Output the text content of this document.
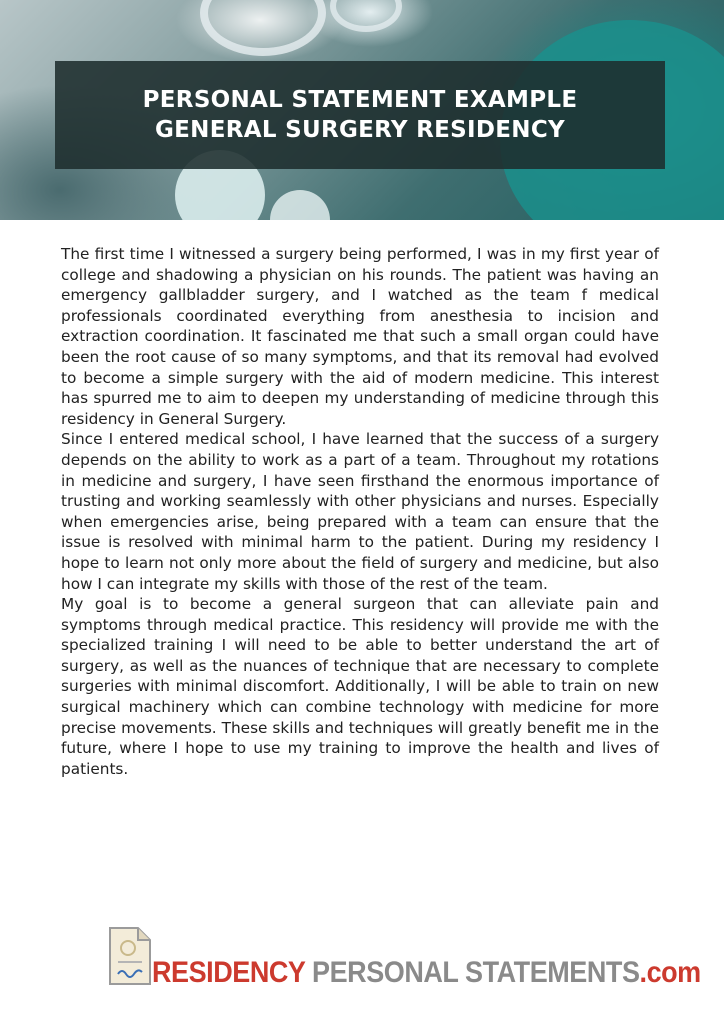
PERSONAL STATEMENT EXAMPLE
GENERAL SURGERY RESIDENCY

The first time I witnessed a surgery being performed, I was in my first year of college and shadowing a physician on his rounds. The patient was having an emergency gallbladder surgery, and I watched as the team f medical professionals coordinated everything from anesthesia to incision and extraction coordination. It fascinated me that such a small organ could have been the root cause of so many symptoms, and that its removal had evolved to become a simple surgery with the aid of modern medicine. This interest has spurred me to aim to deepen my understanding of medicine through this residency in General Surgery.

Since I entered medical school, I have learned that the success of a surgery depends on the ability to work as a part of a team. Throughout my rotations in medicine and surgery, I have seen firsthand the enormous importance of trusting and working seamlessly with other physicians and nurses. Especially when emergencies arise, being prepared with a team can ensure that the issue is resolved with minimal harm to the patient. During my residency I hope to learn not only more about the field of surgery and medicine, but also how I can integrate my skills with those of the rest of the team.

My goal is to become a general surgeon that can alleviate pain and symptoms through medical practice. This residency will provide me with the specialized training I will need to be able to better understand the art of surgery, as well as the nuances of technique that are necessary to complete surgeries with minimal discomfort. Additionally, I will be able to train on new surgical machinery which can combine technology with medicine for more precise movements. These skills and techniques will greatly benefit me in the future, where I hope to use my training to improve the health and lives of patients.

RESIDENCY PERSONAL STATEMENTS.com
